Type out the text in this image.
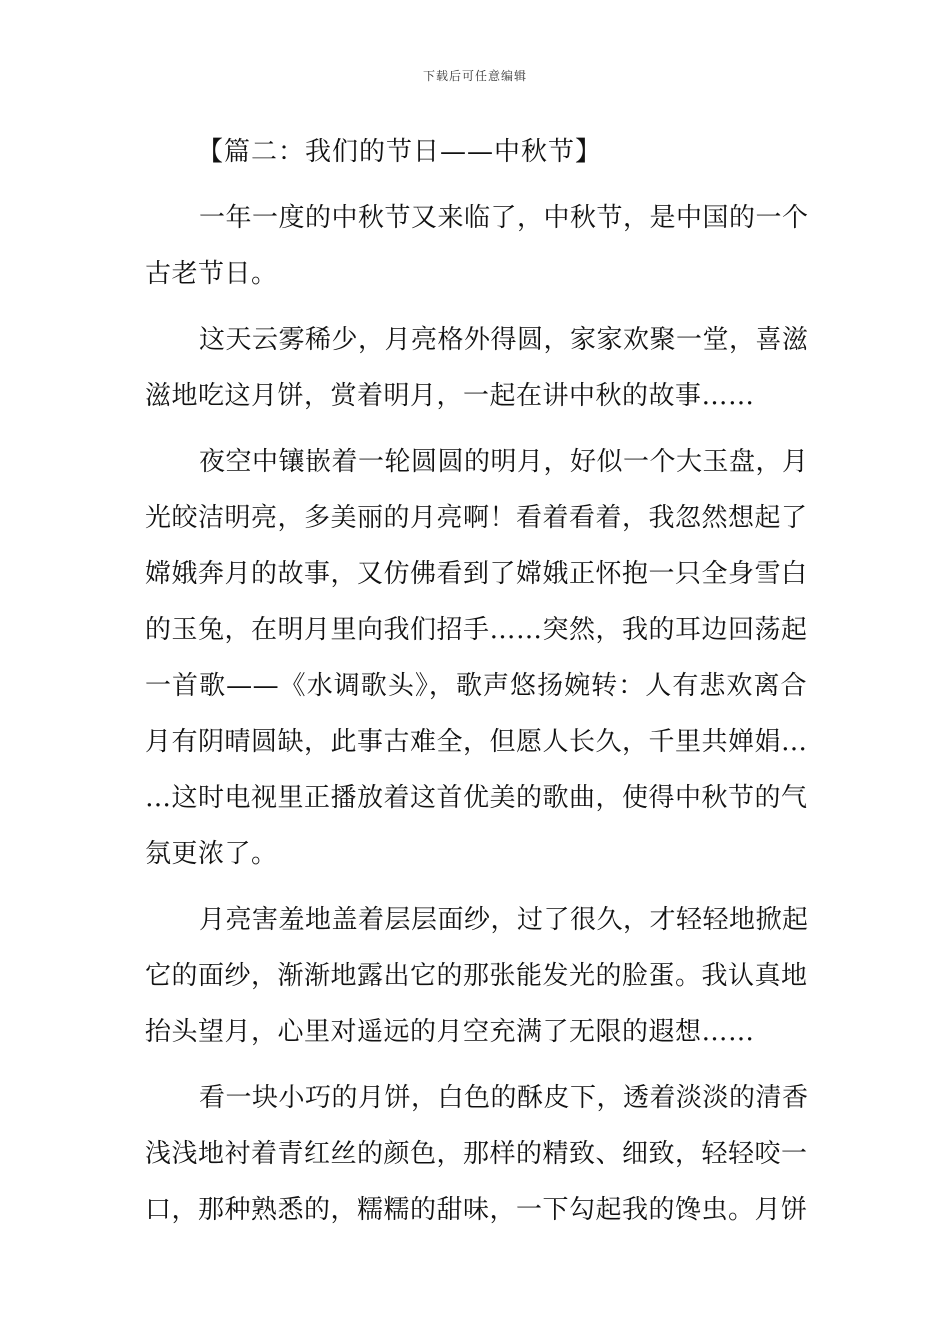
下载后可任意编辑
【篇二：我们的节日——中秋节】
一年一度的中秋节又来临了，中秋节，是中国的一个
古老节日。
这天云雾稀少，月亮格外得圆，家家欢聚一堂，喜滋
滋地吃这月饼，赏着明月，一起在讲中秋的故事……
夜空中镶嵌着一轮圆圆的明月，好似一个大玉盘，月
光皎洁明亮，多美丽的月亮啊！看着看着，我忽然想起了
嫦娥奔月的故事，又仿佛看到了嫦娥正怀抱一只全身雪白
的玉兔，在明月里向我们招手……突然，我的耳边回荡起
一首歌——《水调歌头》，歌声悠扬婉转：人有悲欢离合
月有阴晴圆缺，此事古难全，但愿人长久，千里共婵娟…
…这时电视里正播放着这首优美的歌曲，使得中秋节的气
氛更浓了。
月亮害羞地盖着层层面纱，过了很久，才轻轻地掀起
它的面纱，渐渐地露出它的那张能发光的脸蛋。我认真地
抬头望月，心里对遥远的月空充满了无限的遐想……
看一块小巧的月饼，白色的酥皮下，透着淡淡的清香
浅浅地衬着青红丝的颜色，那样的精致、细致，轻轻咬一
口，那种熟悉的，糯糯的甜味，一下勾起我的馋虫。月饼
